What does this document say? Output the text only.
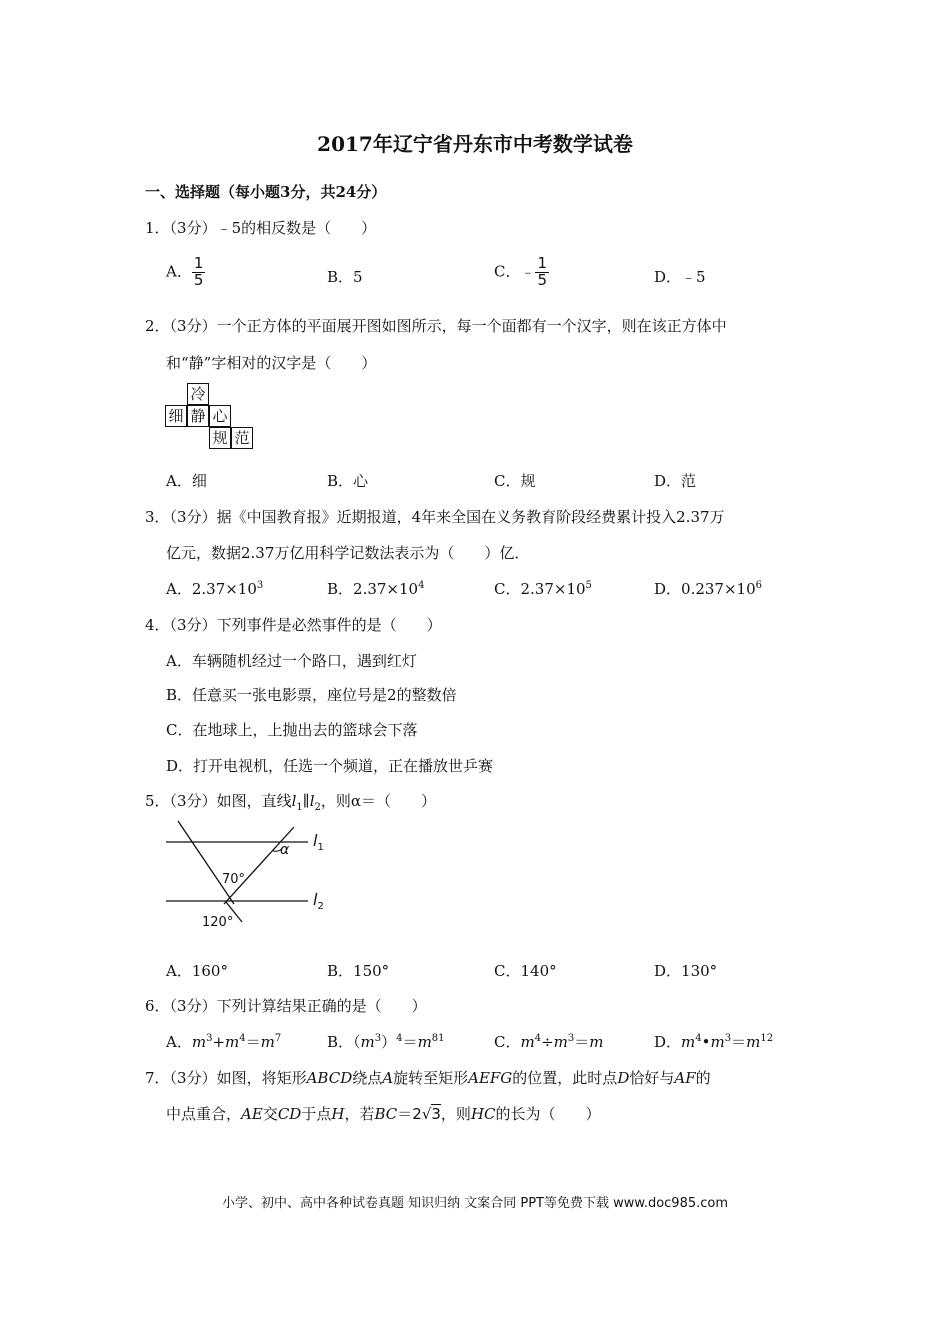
2017年辽宁省丹东市中考数学试卷
一、选择题（每小题3分，共24分）
1．（3分）﹣5的相反数是（　　）
A． $\frac{1}{5}$	B．5	C．﹣ $\frac{1}{5}$	D．﹣5
2．（3分）一个正方体的平面展开图如图所示，每一个面都有一个汉字，则在该正方体中
和“静”字相对的汉字是（　　）
冷
细 静 心
规 范
A．细	B．心	C．规	D．范
3．（3分）据《中国教育报》近期报道，4年来全国在义务教育阶段经费累计投入2.37万
亿元，数据2.37万亿用科学记数法表示为（　　）亿．
A．$2.37\times 10^3$	B．$2.37\times 10^4$	C．$2.37\times 10^5$	D．$0.237\times 10^6$
4．（3分）下列事件是必然事件的是（　　）
A．车辆随机经过一个路口，遇到红灯
B．任意买一张电影票，座位号是2的整数倍
C．在地球上，上抛出去的篮球会下落
D．打开电视机，任选一个频道，正在播放世乒赛
5．（3分）如图，直线$l_1\parallel l_2$，则α＝（　　）
α
70°
120°
$l_1$
$l_2$
A．160°	B．150°	C．140°	D．130°
6．（3分）下列计算结果正确的是（　　）
A．$m^3+m^4=m^7$	B．$(m^3)^4=m^{81}$	C．$m^4\div m^3=m$	D．$m^4•m^3=m^{12}$
7．（3分）如图，将矩形ABCD绕点A旋转至矩形AEFG的位置，此时点D恰好与AF的
中点重合，AE交CD于点H，若BC＝2√3，则HC的长为（　　）
小学、初中、高中各种试卷真题 知识归纳 文案合同 PPT等免费下载 www.doc985.com
